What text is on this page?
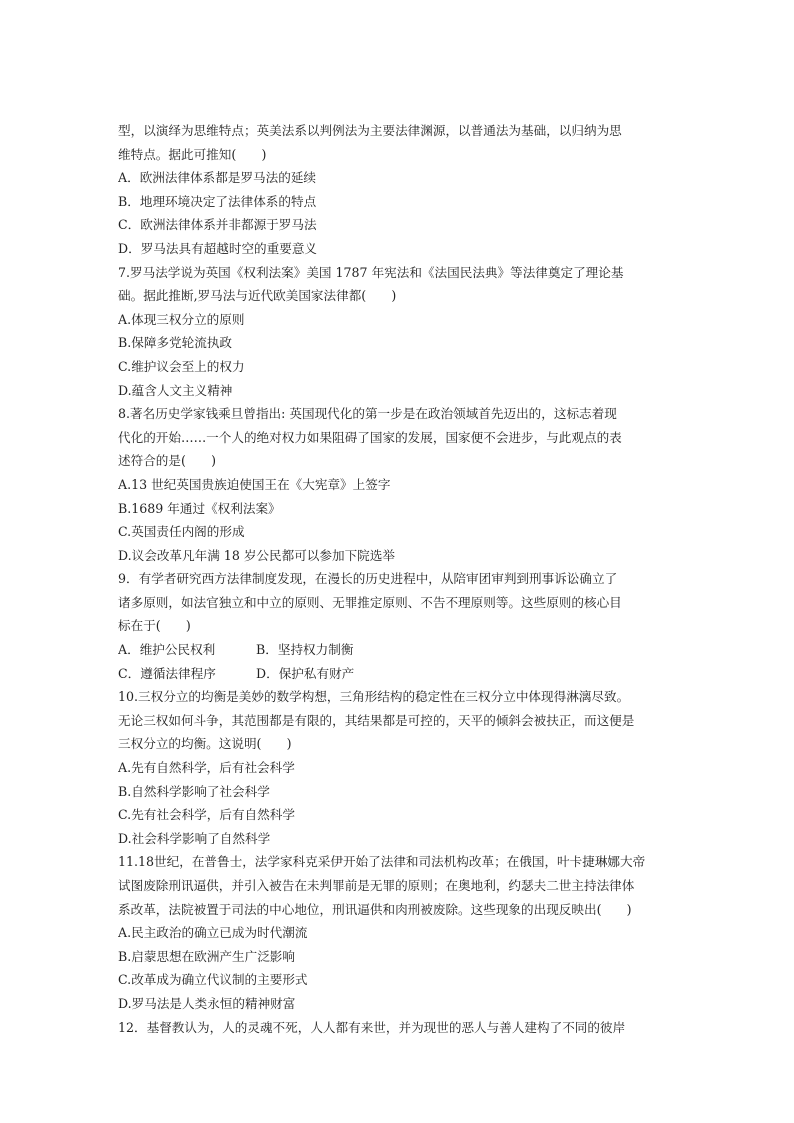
型，以演绎为思维特点；英美法系以判例法为主要法律渊源，以普通法为基础，以归纳为思
维特点。据此可推知(　　)
A．欧洲法律体系都是罗马法的延续
B．地理环境决定了法律体系的特点
C．欧洲法律体系并非都源于罗马法
D．罗马法具有超越时空的重要意义
7.罗马法学说为英国《权利法案》美国 1787 年宪法和《法国民法典》等法律奠定了理论基
础。据此推断,罗马法与近代欧美国家法律都(　　)
A.体现三权分立的原则
B.保障多党轮流执政
C.维护议会至上的权力
D.蕴含人文主义精神
8.著名历史学家钱乘旦曾指出: 英国现代化的第一步是在政治领域首先迈出的，这标志着现
代化的开始……一个人的绝对权力如果阻碍了国家的发展，国家便不会进步，与此观点的表
述符合的是(　　)
A.13 世纪英国贵族迫使国王在《大宪章》上签字
B.1689 年通过《权利法案》
C.英国责任内阁的形成
D.议会改革凡年满 18 岁公民都可以参加下院选举
9．有学者研究西方法律制度发现，在漫长的历史进程中，从陪审团审判到刑事诉讼确立了
诸多原则，如法官独立和中立的原则、无罪推定原则、不告不理原则等。这些原则的核心目
标在于(　　)
A．维护公民权利	B．坚持权力制衡
C．遵循法律程序	D．保护私有财产
10.三权分立的均衡是美妙的数学构想，三角形结构的稳定性在三权分立中体现得淋漓尽致。
无论三权如何斗争，其范围都是有限的，其结果都是可控的，天平的倾斜会被扶正，而这便是
三权分立的均衡。这说明(　　)
A.先有自然科学，后有社会科学
B.自然科学影响了社会科学
C.先有社会科学，后有自然科学
D.社会科学影响了自然科学
11.18世纪，在普鲁士，法学家科克采伊开始了法律和司法机构改革；在俄国，叶卡捷琳娜大帝
试图废除刑讯逼供，并引入被告在未判罪前是无罪的原则；在奥地利，约瑟夫二世主持法律体
系改革，法院被置于司法的中心地位，刑讯逼供和肉刑被废除。这些现象的出现反映出(　　)
A.民主政治的确立已成为时代潮流
B.启蒙思想在欧洲产生广泛影响
C.改革成为确立代议制的主要形式
D.罗马法是人类永恒的精神财富
12．基督教认为，人的灵魂不死，人人都有来世，并为现世的恶人与善人建构了不同的彼岸
